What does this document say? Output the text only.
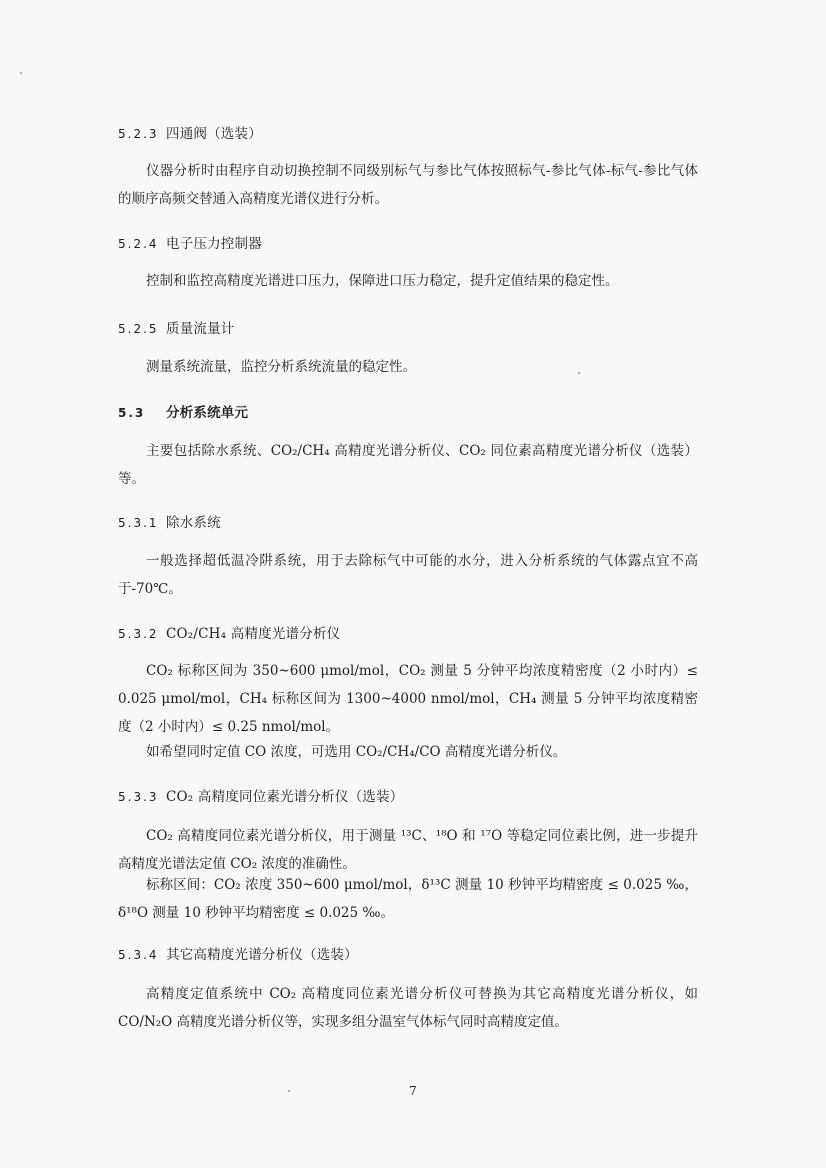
5.2.3 四通阀（选装）
仪器分析时由程序自动切换控制不同级别标气与参比气体按照标气-参比气体-标气-参比气体的顺序高频交替通入高精度光谱仪进行分析。
5.2.4 电子压力控制器
控制和监控高精度光谱进口压力，保障进口压力稳定，提升定值结果的稳定性。
5.2.5 质量流量计
测量系统流量，监控分析系统流量的稳定性。
5.3 分析系统单元
主要包括除水系统、CO₂/CH₄ 高精度光谱分析仪、CO₂ 同位素高精度光谱分析仪（选装）等。
5.3.1 除水系统
一般选择超低温冷阱系统，用于去除标气中可能的水分，进入分析系统的气体露点宜不高于-70℃。
5.3.2 CO₂/CH₄ 高精度光谱分析仪
CO₂ 标称区间为 350~600 μmol/mol，CO₂ 测量 5 分钟平均浓度精密度（2 小时内）≤ 0.025 μmol/mol，CH₄ 标称区间为 1300~4000 nmol/mol，CH₄ 测量 5 分钟平均浓度精密度（2 小时内）≤ 0.25 nmol/mol。
如希望同时定值 CO 浓度，可选用 CO₂/CH₄/CO 高精度光谱分析仪。
5.3.3 CO₂ 高精度同位素光谱分析仪（选装）
CO₂ 高精度同位素光谱分析仪，用于测量 ¹³C、¹⁸O 和 ¹⁷O 等稳定同位素比例，进一步提升高精度光谱法定值 CO₂ 浓度的准确性。
标称区间：CO₂ 浓度 350~600 μmol/mol，δ¹³C 测量 10 秒钟平均精密度 ≤ 0.025 ‰，δ¹⁸O 测量 10 秒钟平均精密度 ≤ 0.025 ‰。
5.3.4 其它高精度光谱分析仪（选装）
高精度定值系统中 CO₂ 高精度同位素光谱分析仪可替换为其它高精度光谱分析仪，如 CO/N₂O 高精度光谱分析仪等，实现多组分温室气体标气同时高精度定值。
7
